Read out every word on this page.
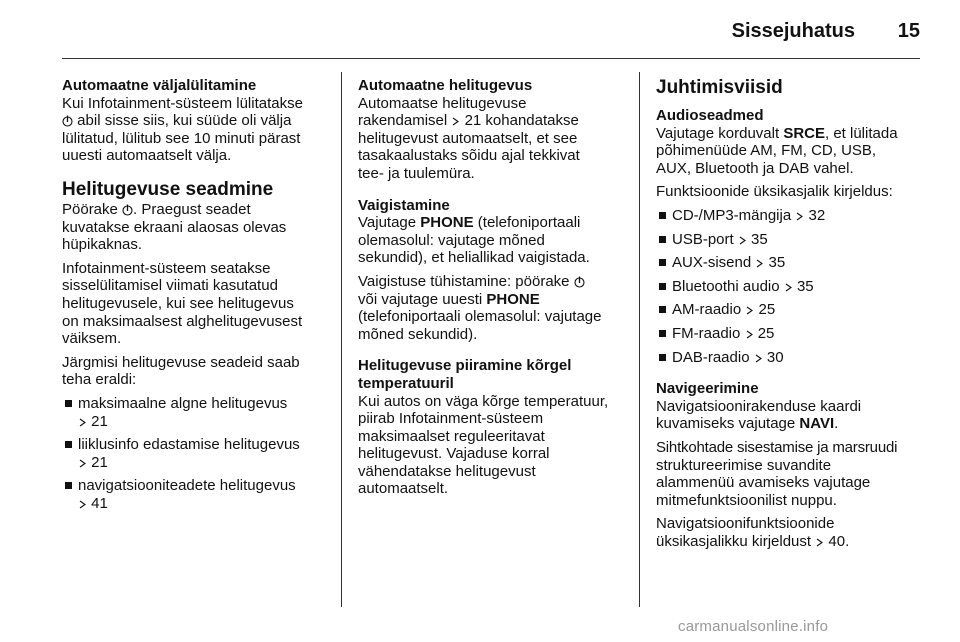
Sissejuhatus	15
Automaatne väljalülitamine

Kui Infotainment-süsteem lülitatakse
abil sisse siis, kui süüde oli välja
lülitatud, lülitub see 10 minuti pärast
uuesti automaatselt välja.

Helitugevuse seadmine

Pöörake . Praegust seadet
kuvatakse ekraani alaosas olevas
hüpikaknas.

Infotainment-süsteem seatakse
sisselülitamisel viimati kasutatud
helitugevusele, kui see helitugevus
on maksimaalsest alghelitugevusest
väiksem.

Järgmisi helitugevuse seadeid saab
teha eraldi:

maksimaalne algne helitugevus
21
liiklusinfo edastamise helitugevus
21
navigatsiooniteadete helitugevus
41
Automaatne helitugevus

Automaatse helitugevuse
rakendamisel 21 kohandatakse
helitugevust automaatselt, et see
tasakaalustaks sõidu ajal tekkivat
tee- ja tuulemüra.

Vaigistamine

Vajutage PHONE (telefoniportaali
olemasolul: vajutage mõned
sekundid), et heliallikad vaigistada.

Vaigistuse tühistamine: pöörake
või vajutage uuesti PHONE
(telefoniportaali olemasolul: vajutage
mõned sekundid).

Helitugevuse piiramine kõrgel
temperatuuril

Kui autos on väga kõrge temperatuur,
piirab Infotainment-süsteem
maksimaalset reguleeritavat
helitugevust. Vajaduse korral
vähendatakse helitugevust
automaatselt.

Juhtimisviisid
Audioseadmed

Vajutage korduvalt SRCE, et lülitada
põhimenüüde AM, FM, CD, USB,
AUX, Bluetooth ja DAB vahel.

Funktsioonide üksikasjalik kirjeldus:

CD-/MP3-mängija 32
USB-port 35
AUX-sisend 35
Bluetoothi audio 35
AM-raadio 25
FM-raadio 25
DAB-raadio 30
Navigeerimine

Navigatsioonirakenduse kaardi
kuvamiseks vajutage NAVI.

Sihtkohtade sisestamise ja marsruudi
struktureerimise suvandite
alammenüü avamiseks vajutage
mitmefunktsioonilist nuppu.

Navigatsioonifunktsioonide
üksikasjalikku kirjeldust 40.

carmanualsonline.info
